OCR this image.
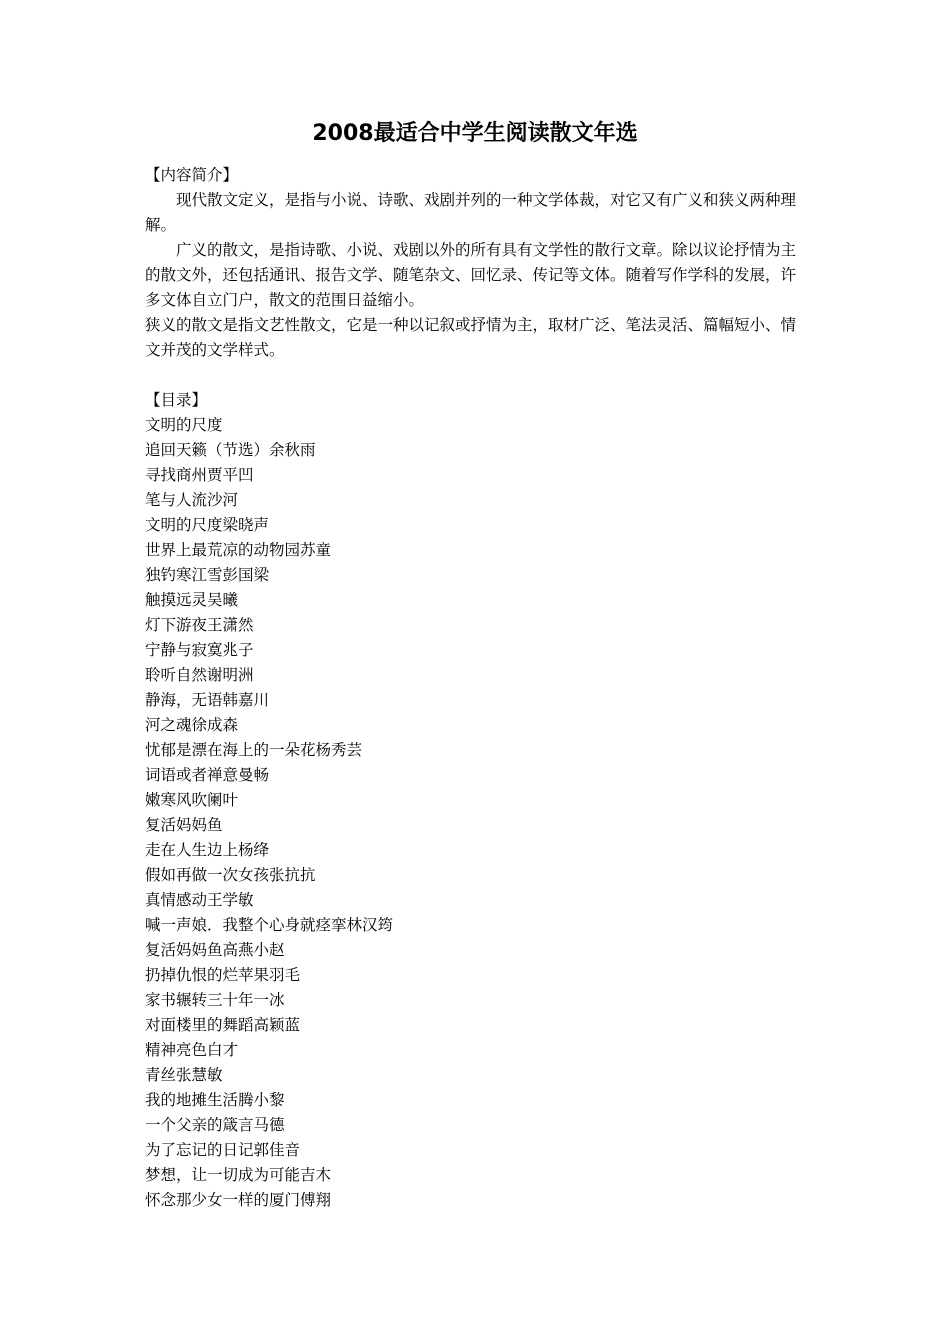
2008最适合中学生阅读散文年选

【内容简介】

现代散文定义，是指与小说、诗歌、戏剧并列的一种文学体裁，对它又有广义和狭义两种理解。

广义的散文，是指诗歌、小说、戏剧以外的所有具有文学性的散行文章。除以议论抒情为主的散文外，还包括通讯、报告文学、随笔杂文、回忆录、传记等文体。随着写作学科的发展，许多文体自立门户，散文的范围日益缩小。

狭义的散文是指文艺性散文，它是一种以记叙或抒情为主，取材广泛、笔法灵活、篇幅短小、情文并茂的文学样式。

【目录】

文明的尺度
追回天籁（节选）余秋雨
寻找商州贾平凹
笔与人流沙河
文明的尺度梁晓声
世界上最荒凉的动物园苏童
独钓寒江雪彭国梁
触摸远灵吴曦
灯下游夜王潇然
宁静与寂寞兆子
聆听自然谢明洲
静海，无语韩嘉川
河之魂徐成森
忧郁是漂在海上的一朵花杨秀芸
词语或者禅意曼畅
嫩寒风吹阑叶
复活妈妈鱼
走在人生边上杨绛
假如再做一次女孩张抗抗
真情感动王学敏
喊一声娘．我整个心身就痉挛林汉筠
复活妈妈鱼高燕小赵
扔掉仇恨的烂苹果羽毛
家书辗转三十年一冰
对面楼里的舞蹈高颖蓝
精神亮色白才
青丝张慧敏
我的地摊生活腾小黎
一个父亲的箴言马德
为了忘记的日记郭佳音
梦想，让一切成为可能吉木
怀念那少女一样的厦门傅翔
